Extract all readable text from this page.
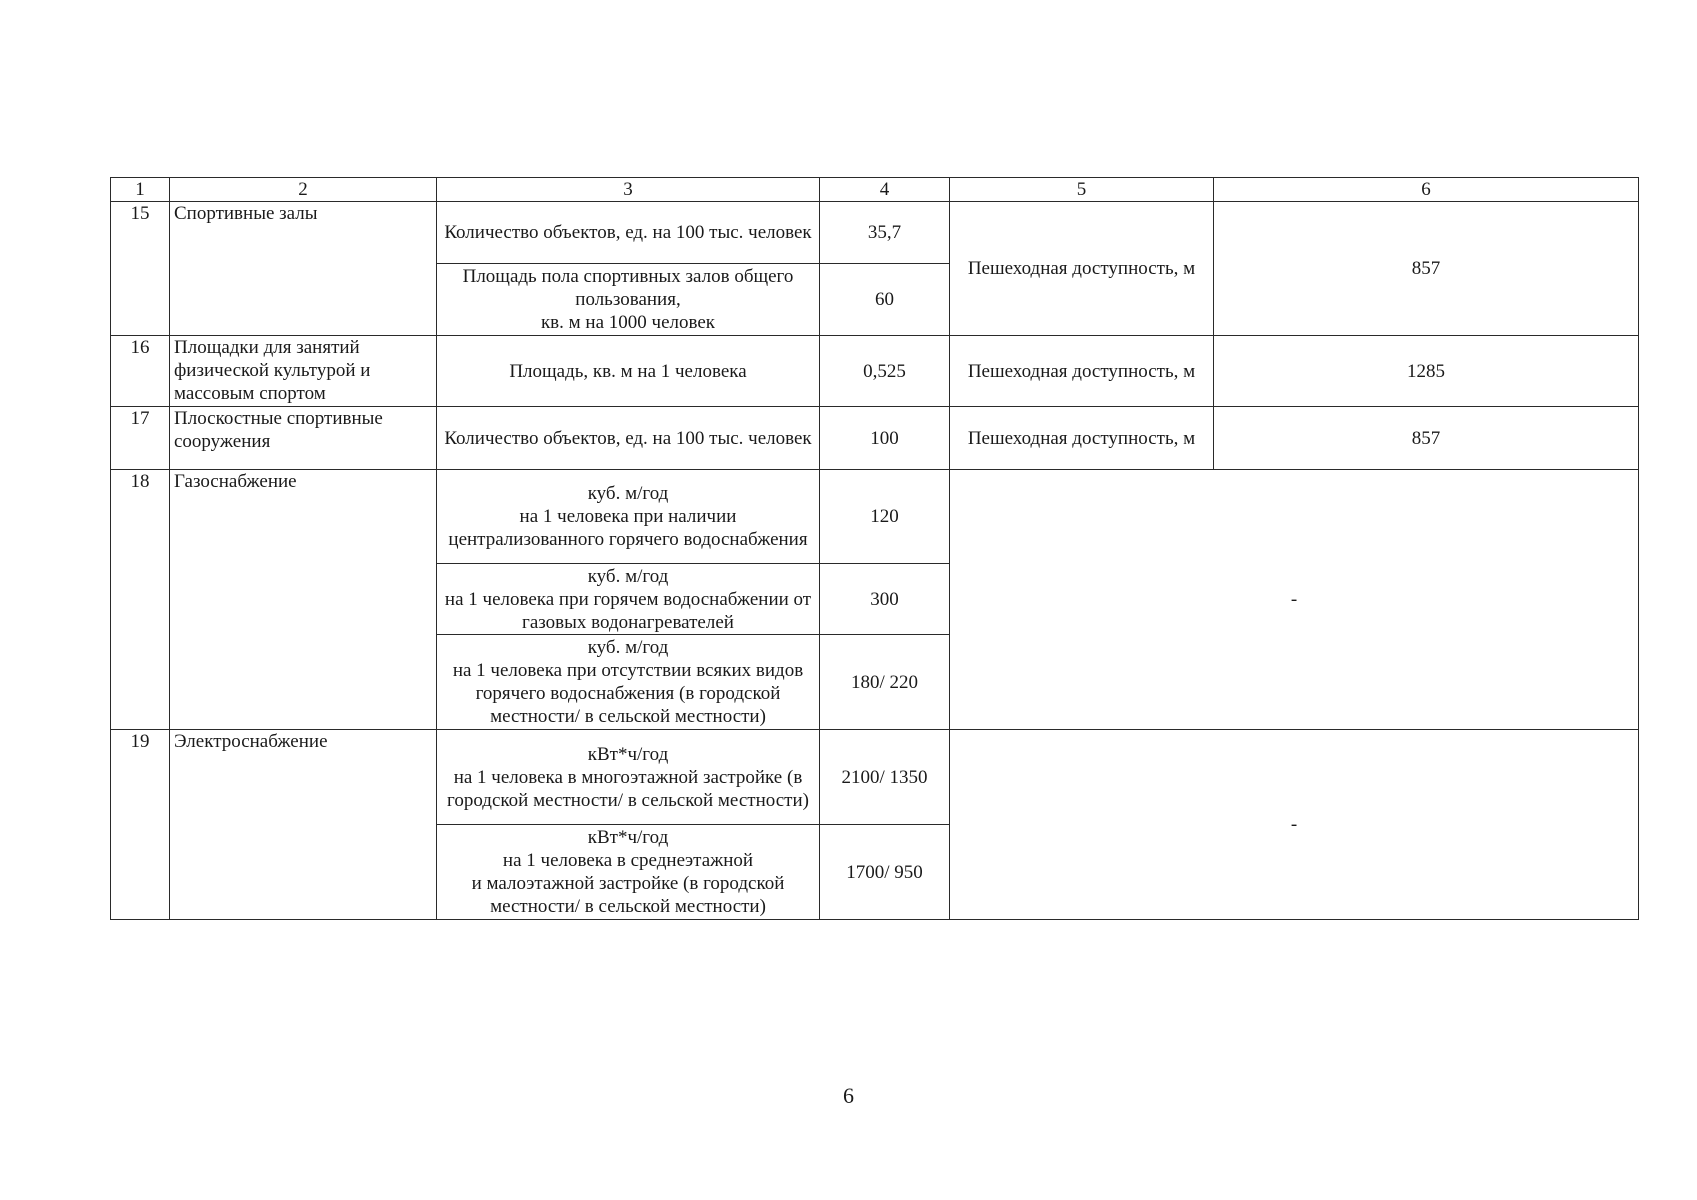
1	2	3	4	5	6
15	Спортивные залы	Количество объектов, ед. на 100 тыс. человек	35,7	Пешеходная доступность, м	857
		Площадь пола спортивных залов общего пользования,
кв. м на 1000 человек	60		
16	Площадки для занятий физической культурой и массовым спортом	Площадь, кв. м на 1 человека	0,525	Пешеходная доступность, м	1285
17	Плоскостные спортивные сооружения	Количество объектов, ед. на 100 тыс. человек	100	Пешеходная доступность, м	857
18	Газоснабжение	куб. м/год
на 1 человека при наличии централизованного горячего водоснабжения	120	-	
		куб. м/год
на 1 человека при горячем водоснабжении от газовых водонагревателей	300		
		куб. м/год
на 1 человека при отсутствии всяких видов горячего водоснабжения (в городской местности/ в сельской местности)	180/ 220		
19	Электроснабжение	кВт*ч/год
на 1 человека в многоэтажной застройке (в городской местности/ в сельской местности)	2100/ 1350	-	
		кВт*ч/год
на 1 человека в среднеэтажной
и малоэтажной застройке (в городской местности/ в сельской местности)	1700/ 950		
6
